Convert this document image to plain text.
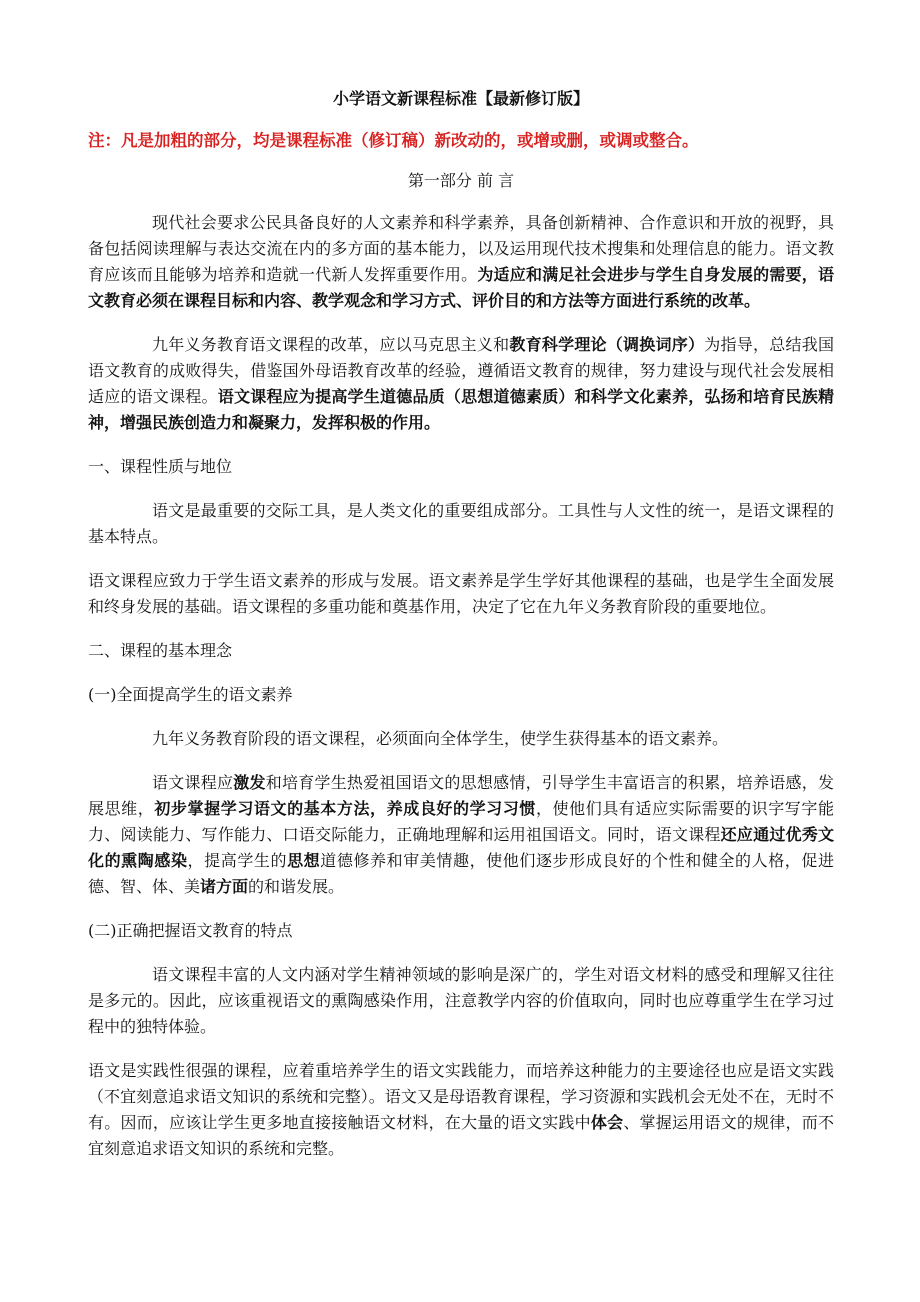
小学语文新课程标准【最新修订版】
注：凡是加粗的部分，均是课程标准（修订稿）新改动的，或增或删，或调或整合。
第一部分 前 言

现代社会要求公民具备良好的人文素养和科学素养，具备创新精神、合作意识和开放的视野，具备包括阅读理解与表达交流在内的多方面的基本能力，以及运用现代技术搜集和处理信息的能力。语文教育应该而且能够为培养和造就一代新人发挥重要作用。为适应和满足社会进步与学生自身发展的需要，语文教育必须在课程目标和内容、教学观念和学习方式、评价目的和方法等方面进行系统的改革。

九年义务教育语文课程的改革，应以马克思主义和教育科学理论（调换词序）为指导，总结我国语文教育的成败得失，借鉴国外母语教育改革的经验，遵循语文教育的规律，努力建设与现代社会发展相适应的语文课程。语文课程应为提高学生道德品质（思想道德素质）和科学文化素养，弘扬和培育民族精神，增强民族创造力和凝聚力，发挥积极的作用。

一、课程性质与地位

语文是最重要的交际工具，是人类文化的重要组成部分。工具性与人文性的统一，是语文课程的基本特点。

语文课程应致力于学生语文素养的形成与发展。语文素养是学生学好其他课程的基础，也是学生全面发展和终身发展的基础。语文课程的多重功能和奠基作用，决定了它在九年义务教育阶段的重要地位。

二、课程的基本理念
(一)全面提高学生的语文素养

九年义务教育阶段的语文课程，必须面向全体学生，使学生获得基本的语文素养。

语文课程应激发和培育学生热爱祖国语文的思想感情，引导学生丰富语言的积累，培养语感，发展思维，初步掌握学习语文的基本方法，养成良好的学习习惯，使他们具有适应实际需要的识字写字能力、阅读能力、写作能力、口语交际能力，正确地理解和运用祖国语文。同时，语文课程还应通过优秀文化的熏陶感染，提高学生的思想道德修养和审美情趣，使他们逐步形成良好的个性和健全的人格，促进德、智、体、美诸方面的和谐发展。

(二)正确把握语文教育的特点

语文课程丰富的人文内涵对学生精神领域的影响是深广的，学生对语文材料的感受和理解又往往是多元的。因此，应该重视语文的熏陶感染作用，注意教学内容的价值取向，同时也应尊重学生在学习过程中的独特体验。

语文是实践性很强的课程，应着重培养学生的语文实践能力，而培养这种能力的主要途径也应是语文实践（不宜刻意追求语文知识的系统和完整）。语文又是母语教育课程，学习资源和实践机会无处不在，无时不有。因而，应该让学生更多地直接接触语文材料，在大量的语文实践中体会、掌握运用语文的规律，而不宜刻意追求语文知识的系统和完整。
